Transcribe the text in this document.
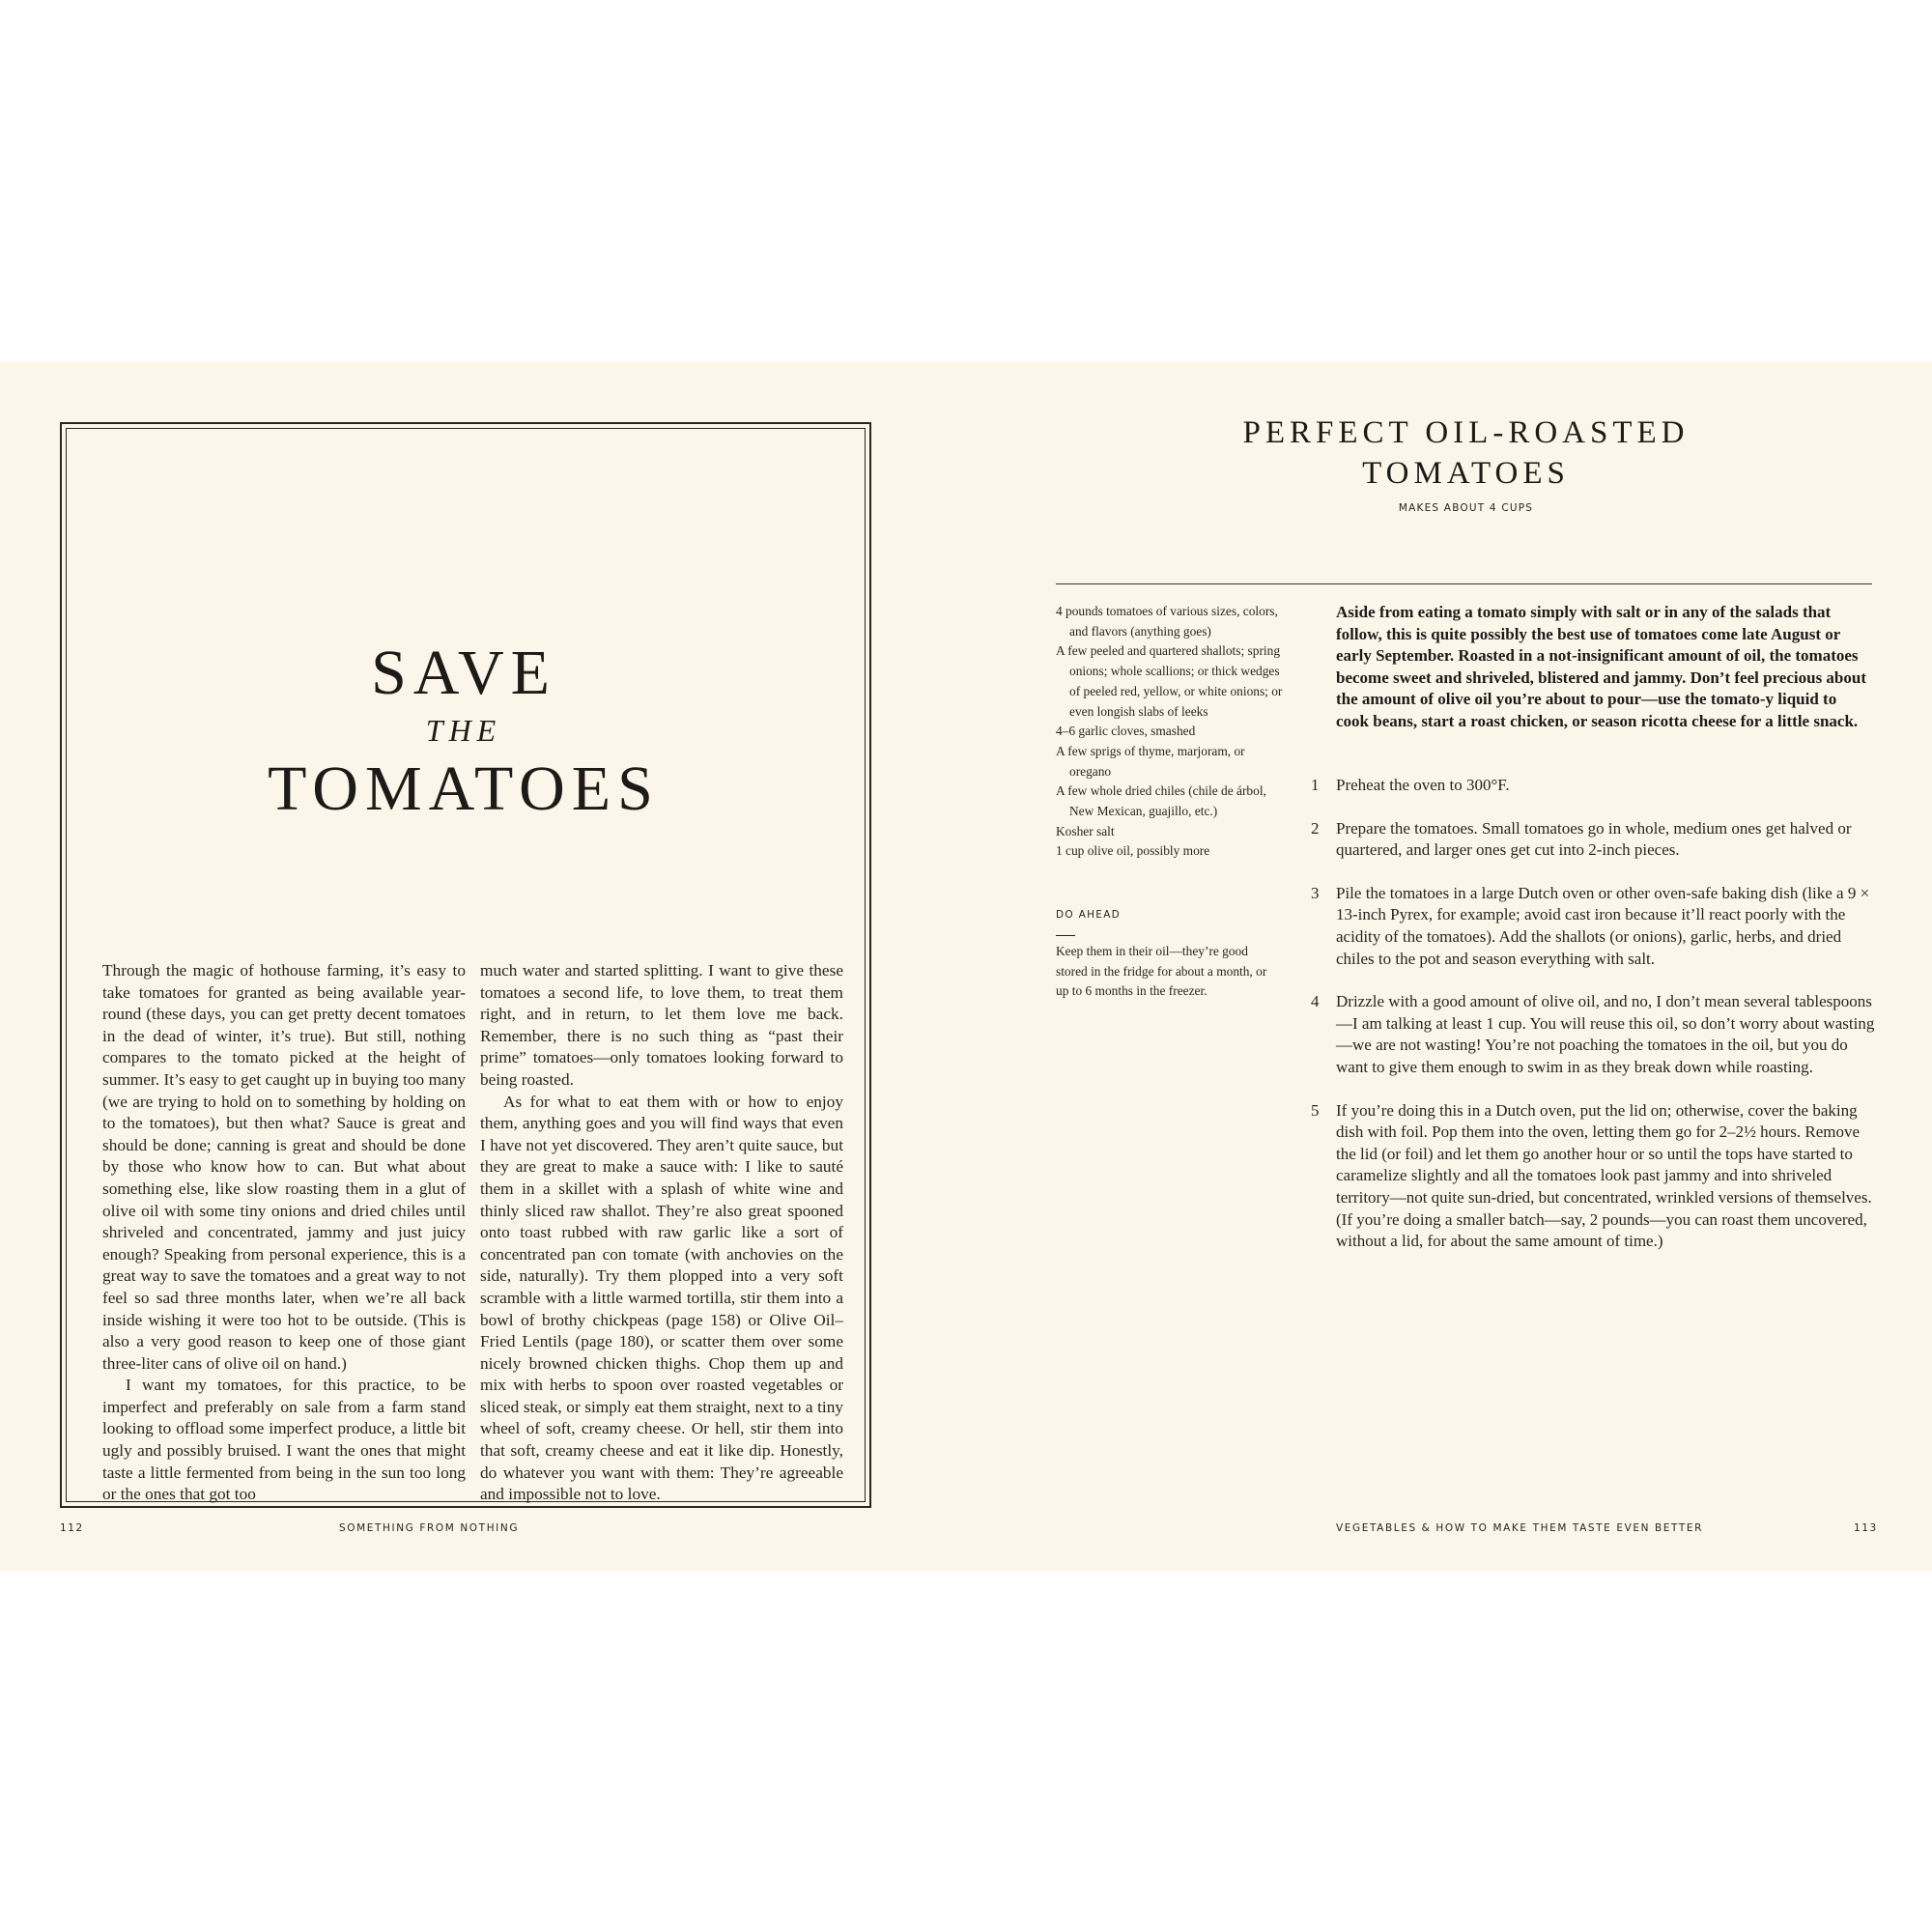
SAVE
THE
TOMATOES

Through the magic of hothouse farming, it’s easy to take tomatoes for granted as being available year-round (these days, you can get pretty decent tomatoes in the dead of winter, it’s true). But still, nothing compares to the tomato picked at the height of summer. It’s easy to get caught up in buying too many (we are trying to hold on to something by holding on to the tomatoes), but then what? Sauce is great and should be done; canning is great and should be done by those who know how to can. But what about something else, like slow roasting them in a glut of olive oil with some tiny onions and dried chiles until shriveled and concentrated, jammy and just juicy enough? Speaking from personal experience, this is a great way to save the tomatoes and a great way to not feel so sad three months later, when we’re all back inside wishing it were too hot to be outside. (This is also a very good reason to keep one of those giant three-liter cans of olive oil on hand.)

I want my tomatoes, for this practice, to be imperfect and preferably on sale from a farm stand looking to offload some imperfect produce, a little bit ugly and possibly bruised. I want the ones that might taste a little fermented from being in the sun too long or the ones that got too

much water and started splitting. I want to give these tomatoes a second life, to love them, to treat them right, and in return, to let them love me back. Remember, there is no such thing as “past their prime” tomatoes—only tomatoes looking forward to being roasted.

As for what to eat them with or how to enjoy them, anything goes and you will find ways that even I have not yet discovered. They aren’t quite sauce, but they are great to make a sauce with: I like to sauté them in a skillet with a splash of white wine and thinly sliced raw shallot. They’re also great spooned onto toast rubbed with raw garlic like a sort of concentrated pan con tomate (with anchovies on the side, naturally). Try them plopped into a very soft scramble with a little warmed tortilla, stir them into a bowl of brothy chickpeas (page 158) or Olive Oil–Fried Lentils (page 180), or scatter them over some nicely browned chicken thighs. Chop them up and mix with herbs to spoon over roasted vegetables or sliced steak, or simply eat them straight, next to a tiny wheel of soft, creamy cheese. Or hell, stir them into that soft, creamy cheese and eat it like dip. Honestly, do whatever you want with them: They’re agreeable and impossible not to love.

112	SOMETHING FROM NOTHING
PERFECT OIL-ROASTED
TOMATOES
MAKES ABOUT 4 CUPS
4 pounds tomatoes of various sizes, colors, and flavors (anything goes)
A few peeled and quartered shallots; spring onions; whole scallions; or thick wedges of peeled red, yellow, or white onions; or even longish slabs of leeks
4–6 garlic cloves, smashed
A few sprigs of thyme, marjoram, or oregano
A few whole dried chiles (chile de árbol, New Mexican, guajillo, etc.)
Kosher salt
1 cup olive oil, possibly more
DO AHEAD
Keep them in their oil—they’re good stored in the fridge for about a month, or up to 6 months in the freezer.
Aside from eating a tomato simply with salt or in any of the salads that follow, this is quite possibly the best use of tomatoes come late August or early September. Roasted in a not-insignificant amount of oil, the tomatoes become sweet and shriveled, blistered and jammy. Don’t feel precious about the amount of olive oil you’re about to pour—use the tomato-y liquid to cook beans, start a roast chicken, or season ricotta cheese for a little snack.
1 Preheat the oven to 300°F.
2 Prepare the tomatoes. Small tomatoes go in whole, medium ones get halved or quartered, and larger ones get cut into 2-inch pieces.
3 Pile the tomatoes in a large Dutch oven or other oven-safe baking dish (like a 9 × 13-inch Pyrex, for example; avoid cast iron because it’ll react poorly with the acidity of the tomatoes). Add the shallots (or onions), garlic, herbs, and dried chiles to the pot and season everything with salt.
4 Drizzle with a good amount of olive oil, and no, I don’t mean several tablespoons—I am talking at least 1 cup. You will reuse this oil, so don’t worry about wasting—we are not wasting! You’re not poaching the tomatoes in the oil, but you do want to give them enough to swim in as they break down while roasting.
5 If you’re doing this in a Dutch oven, put the lid on; otherwise, cover the baking dish with foil. Pop them into the oven, letting them go for 2–2½ hours. Remove the lid (or foil) and let them go another hour or so until the tops have started to caramelize slightly and all the tomatoes look past jammy and into shriveled territory—not quite sun-dried, but concentrated, wrinkled versions of themselves. (If you’re doing a smaller batch—say, 2 pounds—you can roast them uncovered, without a lid, for about the same amount of time.)
VEGETABLES & HOW TO MAKE THEM TASTE EVEN BETTER	113
